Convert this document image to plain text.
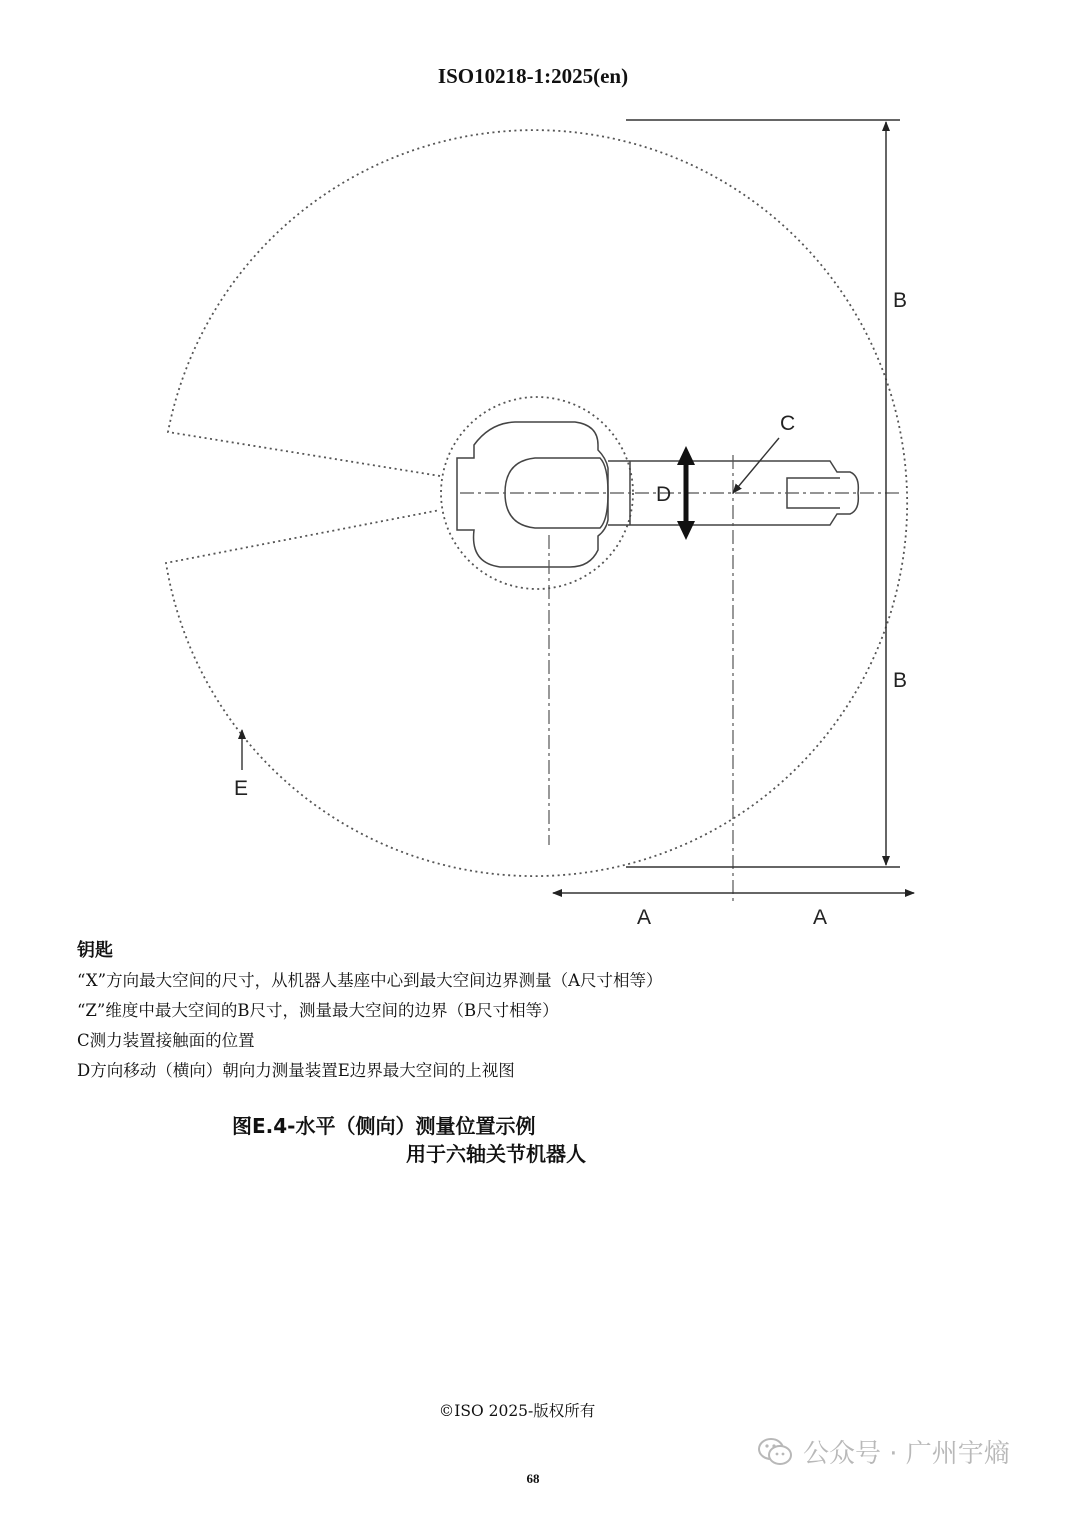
ISO10218-1:2025(en)
B
B
A	A
D
C
E
钥匙
“X”方向最大空间的尺寸，从机器人基座中心到最大空间边界测量（A尺寸相等）
“Z”维度中最大空间的B尺寸，测量最大空间的边界（B尺寸相等）
C测力装置接触面的位置
D方向移动（横向）朝向力测量装置E边界最大空间的上视图
图E.4-水平（侧向）测量位置示例
用于六轴关节机器人
©ISO 2025-版权所有
68
公众号 · 广州宇熵
